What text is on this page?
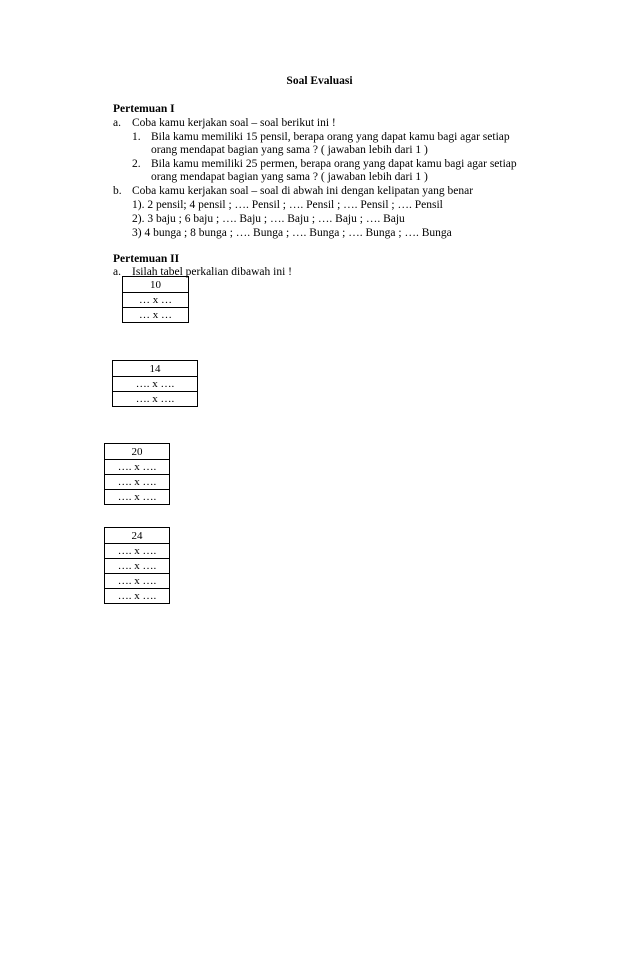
Soal Evaluasi
Pertemuan I
a. Coba kamu kerjakan soal – soal berikut ini !
1. Bila kamu memiliki 15 pensil, berapa orang yang dapat kamu bagi agar setiap
orang mendapat bagian yang sama ? ( jawaban lebih dari 1 )
2. Bila kamu memiliki 25 permen, berapa orang yang dapat kamu bagi agar setiap
orang mendapat bagian yang sama ? ( jawaban lebih dari 1 )
b. Coba kamu kerjakan soal – soal di abwah ini dengan kelipatan yang benar
1). 2 pensil; 4 pensil ; …. Pensil ; …. Pensil ; …. Pensil ; …. Pensil
2). 3 baju ; 6 baju ; …. Baju ; …. Baju ; …. Baju ; …. Baju
3) 4 bunga ; 8 bunga ; …. Bunga ; …. Bunga ; …. Bunga ; …. Bunga
Pertemuan II
a. Isilah tabel perkalian dibawah ini !
10
… x …
… x …
14
…. x ….
…. x ….
20
…. x ….
…. x ….
…. x ….
24
…. x ….
…. x ….
…. x ….
…. x ….
